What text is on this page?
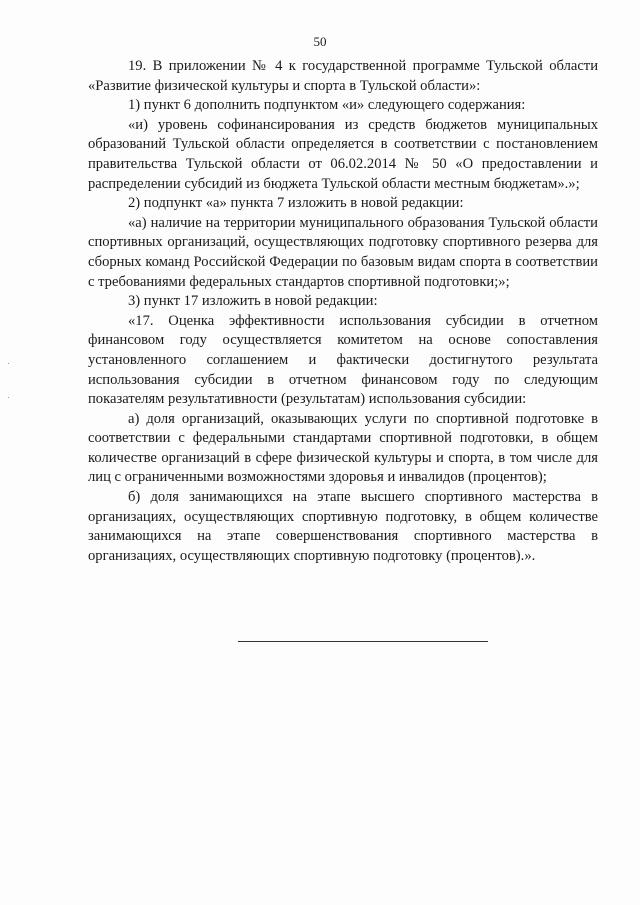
50

19. В приложении № 4 к государственной программе Тульской области «Развитие физической культуры и спорта в Тульской области»:

1) пункт 6 дополнить подпунктом «и» следующего содержания:

«и) уровень софинансирования из средств бюджетов муниципальных образований Тульской области определяется в соответствии с постановлением правительства Тульской области от 06.02.2014 № 50 «О предоставлении и распределении субсидий из бюджета Тульской области местным бюджетам».»;

2) подпункт «а» пункта 7 изложить в новой редакции:

«а) наличие на территории муниципального образования Тульской области спортивных организаций, осуществляющих подготовку спортивного резерва для сборных команд Российской Федерации по базовым видам спорта в соответствии с требованиями федеральных стандартов спортивной подготовки;»;

3) пункт 17 изложить в новой редакции:

«17. Оценка эффективности использования субсидии в отчетном финансовом году осуществляется комитетом на основе сопоставления установленного соглашением и фактически достигнутого результата использования субсидии в отчетном финансовом году по следующим показателям результативности (результатам) использования субсидии:

а) доля организаций, оказывающих услуги по спортивной подготовке в соответствии с федеральными стандартами спортивной подготовки, в общем количестве организаций в сфере физической культуры и спорта, в том числе для лиц с ограниченными возможностями здоровья и инвалидов (процентов);

б) доля занимающихся на этапе высшего спортивного мастерства в организациях, осуществляющих спортивную подготовку, в общем количестве занимающихся на этапе совершенствования спортивного мастерства в организациях, осуществляющих спортивную подготовку (процентов).».
